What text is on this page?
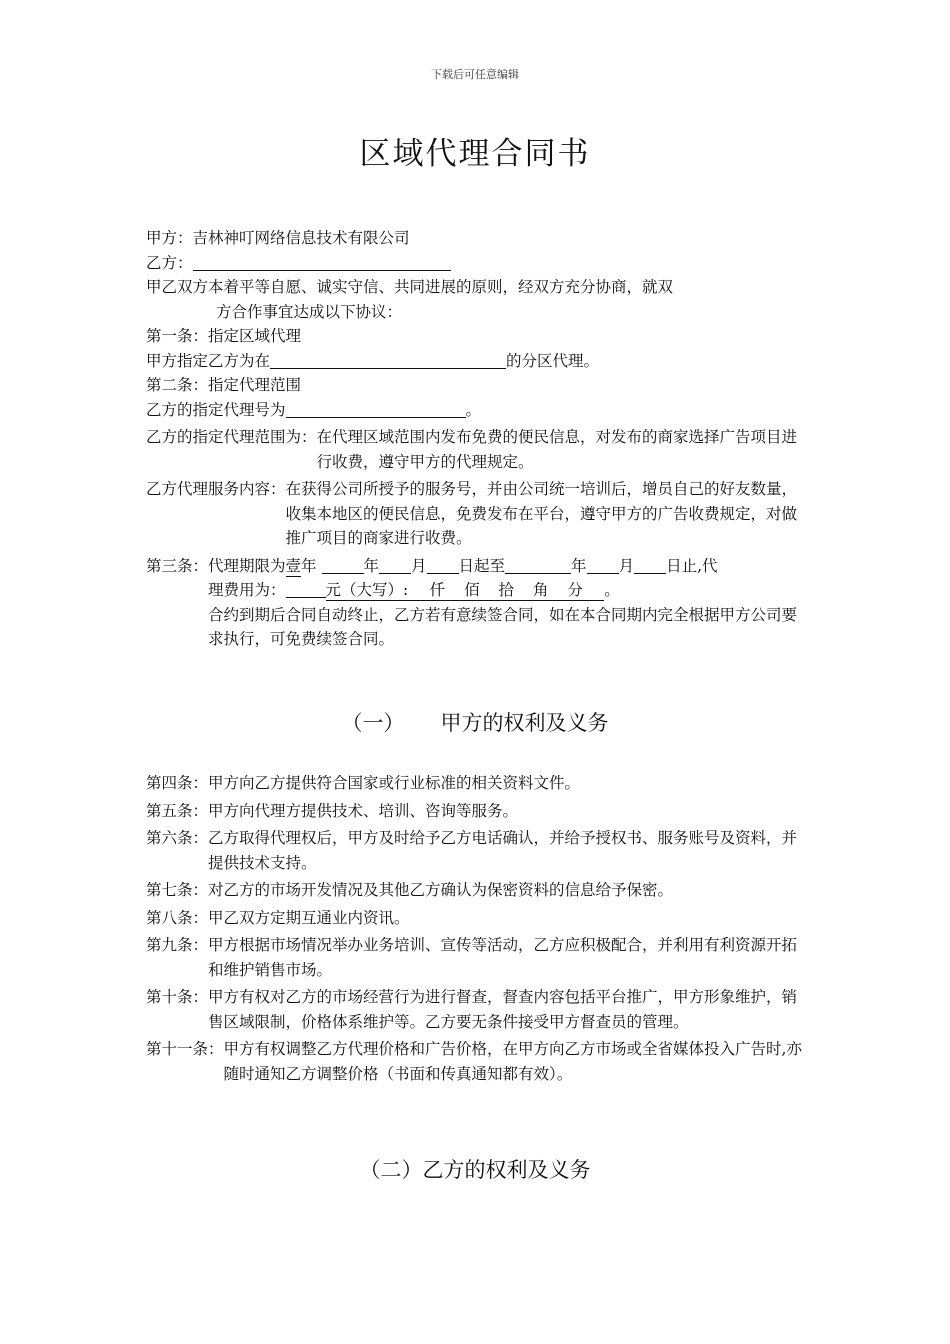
下载后可任意编辑
区域代理合同书

甲方：吉林神叮网络信息技术有限公司

乙方：

甲乙双方本着平等自愿、诚实守信、共同进展的原则，经双方充分协商，就双

方合作事宜达成以下协议：

第一条：指定区域代理

甲方指定乙方为在	的分区代理。

第二条：指定代理范围

乙方的指定代理号为	。

乙方的指定代理范围为： 在代理区域范围内发布免费的便民信息，对发布的商家选择广告项目进行收费，遵守甲方的代理规定。
乙方代理服务内容： 在获得公司所授予的服务号，并由公司统一培训后，增员自己的好友数量，收集本地区的便民信息，免费发布在平台，遵守甲方的广告收费规定，对做推广项目的商家进行收费。
第三条： 代理期限为壹年	年 月 日起至	年 月 日止,代
理费用为：	元（大写）: 仟 佰 拾 角 分 。
合约到期后合同自动终止，乙方若有意续签合同，如在本合同期内完全根据甲方公司要求执行，可免费续签合同。
（一） 甲方的权利及义务
第四条： 甲方向乙方提供符合国家或行业标准的相关资料文件。
第五条： 甲方向代理方提供技术、培训、咨询等服务。
第六条： 乙方取得代理权后，甲方及时给予乙方电话确认，并给予授权书、服务账号及资料，并提供技术支持。
第七条： 对乙方的市场开发情况及其他乙方确认为保密资料的信息给予保密。
第八条： 甲乙双方定期互通业内资讯。
第九条： 甲方根据市场情况举办业务培训、宣传等活动，乙方应积极配合，并利用有利资源开拓和维护销售市场。
第十条： 甲方有权对乙方的市场经营行为进行督查，督查内容包括平台推广，甲方形象维护，销售区域限制，价格体系维护等。乙方要无条件接受甲方督查员的管理。
第十一条： 甲方有权调整乙方代理价格和广告价格，在甲方向乙方市场或全省媒体投入广告时,亦随时通知乙方调整价格（书面和传真通知都有效）。
（二）乙方的权利及义务
